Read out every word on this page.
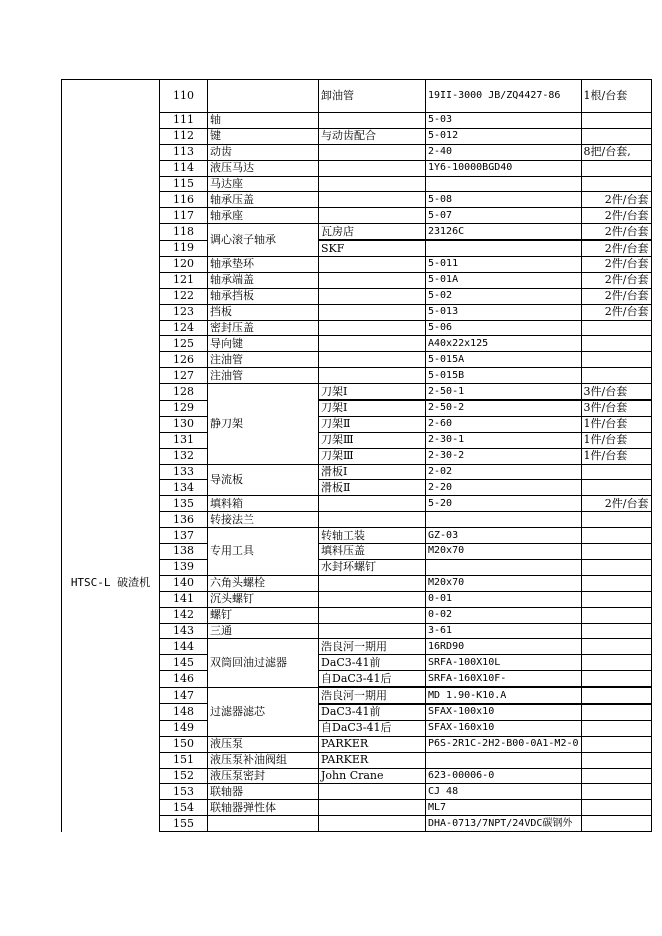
	110		卸油管	19II-3000 JB/ZQ4427-86	1根/台套
	111	轴		5-03	
	112	键	与动齿配合	5-012	
	113	动齿		2-40	8把/台套,
	114	液压马达		1Y6-10000BGD40	
	115	马达座			
	116	轴承压盖		5-08	2件/台套
	117	轴承座		5-07	2件/台套
	118	调心滚子轴承	瓦房店	23126C	2件/台套
	119		SKF		2件/台套
	120	轴承垫环		5-011	2件/台套
	121	轴承端盖		5-01A	2件/台套
	122	轴承挡板		5-02	2件/台套
	123	挡板		5-013	2件/台套
	124	密封压盖		5-06	
	125	导向键		A40x22x125	
	126	注油管		5-015A	
	127	注油管		5-015B	
	128	静刀架	刀架Ⅰ	2-50-1	3件/台套
	129		刀架Ⅰ	2-50-2	3件/台套
	130		刀架Ⅱ	2-60	1件/台套
	131		刀架Ⅲ	2-30-1	1件/台套
	132		刀架Ⅲ	2-30-2	1件/台套
	133	导流板	滑板Ⅰ	2-02	
	134		滑板Ⅱ	2-20	
	135	填料箱		5-20	2件/台套
	136	转接法兰			
	137	专用工具	转轴工装	GZ-03	
	138		填料压盖	M20x70	
	139		水封环螺钉		
HTSC-L 破渣机	140	六角头螺栓		M20x70	
	141	沉头螺钉		0-01	
	142	螺钉		0-02	
	143	三通		3-61	
	144	双筒回油过滤器	浩良河一期用	16RD90	
	145		DaC3-41前	SRFA-100X10L	
	146		自DaC3-41后	SRFA-160X10F-	
	147	过滤器滤芯	浩良河一期用	MD 1.90-K10.A	
	148		DaC3-41前	SFAX-100x10	
	149		自DaC3-41后	SFAX-160x10	
	150	液压泵	PARKER	P6S-2R1C-2H2-B00-0A1-M2-0	
	151	液压泵补油阀组	PARKER		
	152	液压泵密封	John Crane	623-00006-0	
	153	联轴器		CJ 48	
	154	联轴器弹性体		ML7	
	155			DHA-0713/7NPT/24VDC碳钢外	
